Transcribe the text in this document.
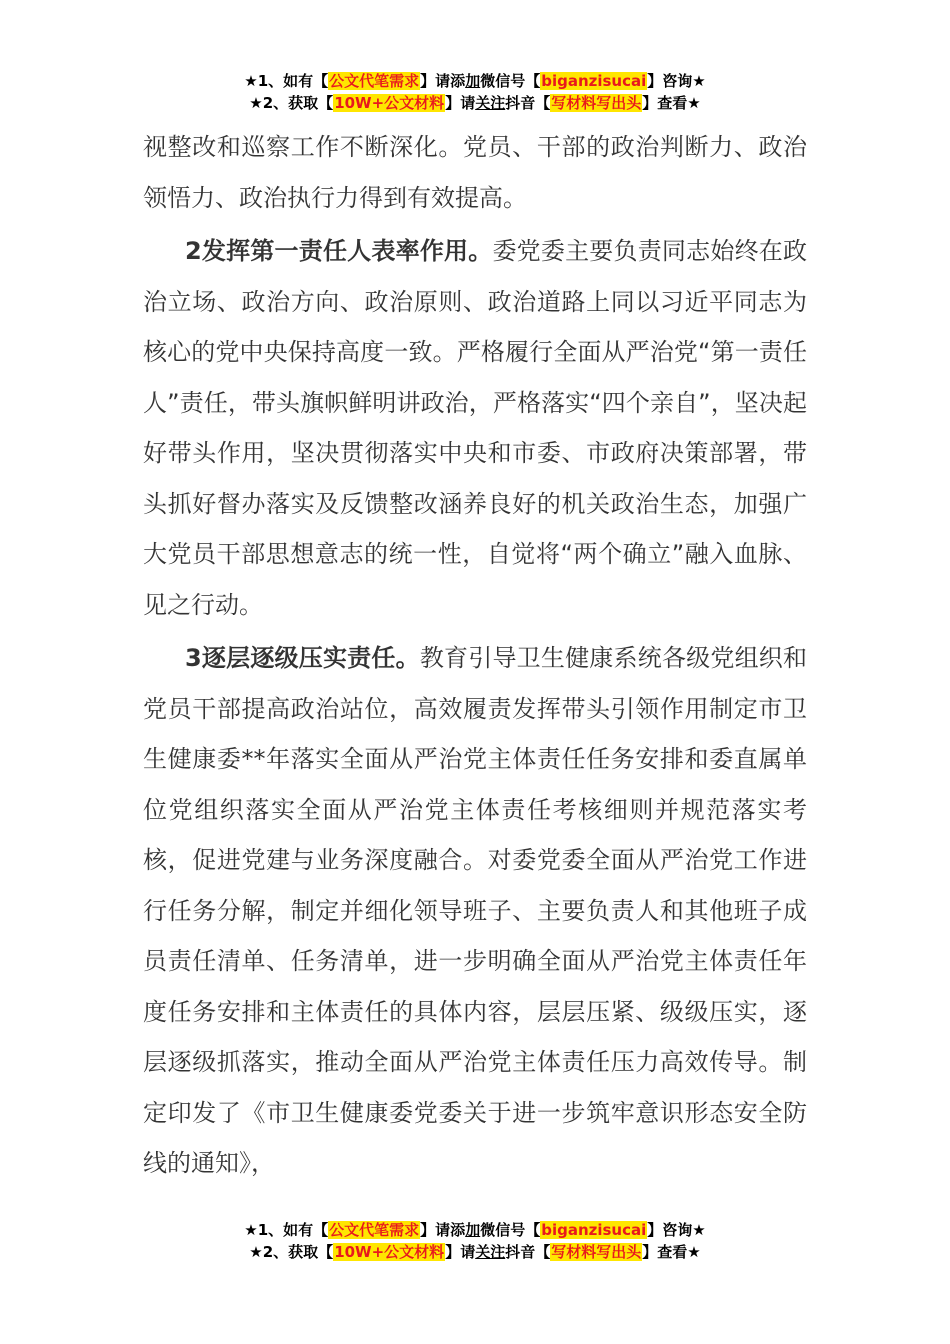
★1、如有【公文代笔需求】请添加微信号【biganzisucai】咨询★
★2、获取【10W+公文材料】请关注抖音【写材料写出头】查看★

视整改和巡察工作不断深化。党员、干部的政治判断力、政治领悟力、政治执行力得到有效提高。

2发挥第一责任人表率作用。委党委主要负责同志始终在政治立场、政治方向、政治原则、政治道路上同以习近平同志为核心的党中央保持高度一致。严格履行全面从严治党“第一责任人”责任，带头旗帜鲜明讲政治，严格落实“四个亲自”，坚决起好带头作用，坚决贯彻落实中央和市委、市政府决策部署，带头抓好督办落实及反馈整改涵养良好的机关政治生态，加强广大党员干部思想意志的统一性，自觉将“两个确立”融入血脉、见之行动。

3逐层逐级压实责任。教育引导卫生健康系统各级党组织和党员干部提高政治站位，高效履责发挥带头引领作用制定市卫生健康委**年落实全面从严治党主体责任任务安排和委直属单位党组织落实全面从严治党主体责任考核细则并规范落实考核，促进党建与业务深度融合。对委党委全面从严治党工作进行任务分解，制定并细化领导班子、主要负责人和其他班子成员责任清单、任务清单，进一步明确全面从严治党主体责任年度任务安排和主体责任的具体内容，层层压紧、级级压实，逐层逐级抓落实，推动全面从严治党主体责任压力高效传导。制定印发了《市卫生健康委党委关于进一步筑牢意识形态安全防线的通知》，

★1、如有【公文代笔需求】请添加微信号【biganzisucai】咨询★
★2、获取【10W+公文材料】请关注抖音【写材料写出头】查看★
